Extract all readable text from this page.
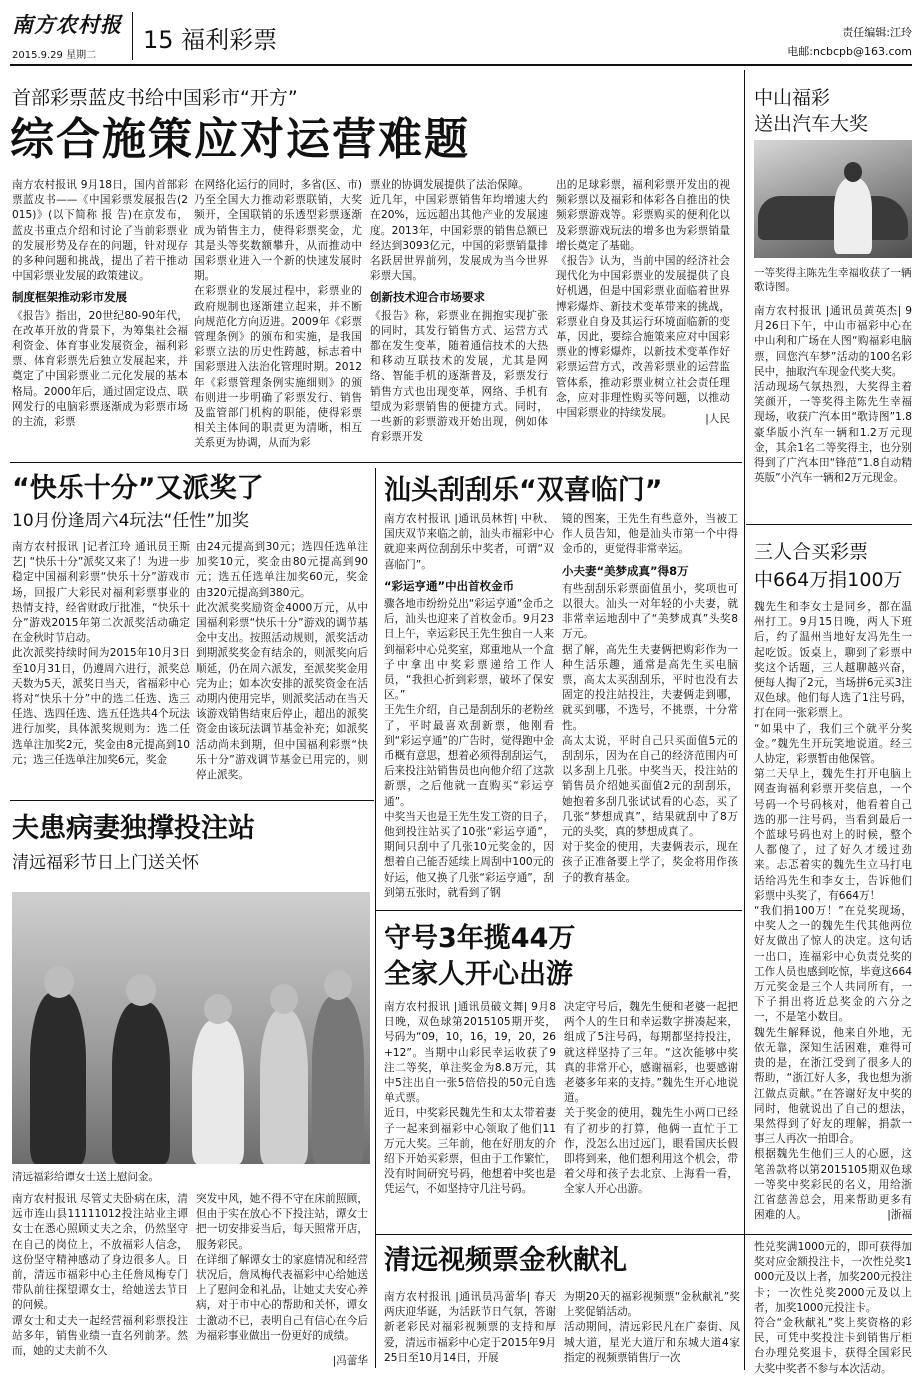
南方农村报
2015.9.29 星期二
15 福利彩票	责任编辑:江玲
电邮:ncbcpb@163.com
首部彩票蓝皮书给中国彩市“开方”
综合施策应对运营难题

南方农村报讯 9月18日，国内首部彩票蓝皮书——《中国彩票发展报告(2015)》(以下简称 报 告)在京发布，蓝皮书重点介绍和讨论了当前彩票业的发展形势及存在的问题，针对现存的多种问题和挑战，提出了若干推动中国彩票业发展的政策建议。

制度框架推动彩市发展

《报告》指出，20世纪80-90年代，在改革开放的背景下，为筹集社会福利资金、体育事业发展资金，福利彩票、体育彩票先后独立发展起来，并奠定了中国彩票业二元化发展的基本格局。2000年后，通过固定设点、联网发行的电脑彩票逐渐成为彩票市场的主流，彩票

在网络化运行的同时，多省(区、市)乃至全国大力推动彩票联销，大奖频开，全国联销的乐透型彩票逐渐成为销售主力，使得彩票奖金，尤其是头等奖数额攀升，从而推动中国彩票业进入一个新的快速发展时期。
在彩票业的发展过程中，彩票业的政府规制也逐渐建立起来，并不断向规范化方向迈进。2009年《彩票管理条例》的颁布和实施，是我国彩票立法的历史性跨越，标志着中国彩票进入法治化管理时期。2012年《彩票管理条例实施细则》的颁布则进一步明确了彩票发行、销售及监管部门机构的职能，使得彩票相关主体间的职责更为清晰，相互关系更为协调，从而为彩

票业的协调发展提供了法治保障。
近几年，中国彩票销售年均增速大约在20%，远远超出其他产业的发展速度。2013年，中国彩票的销售总额已经达到3093亿元，中国的彩票销量排名跃居世界前列，发展成为当今世界彩票大国。

创新技术迎合市场要求

《报告》称，彩票业在拥抱实现扩张的同时，其发行销售方式、运营方式都在发生变革，随着通信技术的大热和移动互联技术的发展，尤其是网络、智能手机的逐渐普及，彩票发行销售方式也出现变革，网络、手机有望成为彩票销售的便捷方式。同时，一些新的彩票游戏开始出现，例如体育彩票开发

出的足球彩票，福利彩票开发出的视频彩票以及福彩和体彩各自推出的快频彩票游戏等。彩票购买的便利化以及彩票游戏玩法的增多也为彩票销量增长奠定了基础。
《报告》认为，当前中国的经济社会现代化为中国彩票业的发展提供了良好机遇，但是中国彩票业面临着世界博彩爆炸、新技术变革带来的挑战，彩票业自身及其运行环境面临新的变革，因此，要综合施策来应对中国彩票业的博彩爆炸，以新技术变革作好彩票运营方式，改善彩票业的运营监管体系，推动彩票业树立社会责任理念，应对非理性购买等问题，以推动中国彩票业的持续发展。	|人民
中山福彩
送出汽车大奖
一等奖得主陈先生幸福收获了一辆 歌诗图。
南方农村报讯 |通讯员黄英杰| 9月26日下午，中山市福彩中心在中山利和广场在人图“购福彩电脑票，回您汽车梦”活动的100名彩民中，抽取汽车现金代奖大奖。
活动现场气氛热烈，大奖得主着笑颜开，一等奖得主陈先生幸福现场，收获广汽本田“歌诗图”1.8豪华版小汽车一辆和1.2万元现金，其余1名二等奖得主，也分别得到了广汽本田“锋范”1.8自动精英版”小汽车一辆和2万元现金。
“快乐十分”又派奖了
10月份逢周六4玩法“任性”加奖
南方农村报讯 |记者江玲 通讯员王斯艺| “快乐十分”派奖又来了！为进一步稳定中国福利彩票“快乐十分”游戏市场，回报广大彩民对福利彩票事业的热情支持，经省财政厅批准，“快乐十分”游戏2015年第二次派奖活动确定在金秋时节启动。
此次派奖持续时间为2015年10月3日至10月31日，仍遵周六进行，派奖总天数为5天，派奖日当天，省福彩中心将对“快乐十分”中的选二任选、选三任选、选四任选、选五任选共4个玩法进行加奖，具体派奖规则为：选二任选单注加奖2元，奖金由8元提高到10元；选三任选单注加奖6元，奖金
由24元提高到30元；选四任选单注加奖10元，奖金由80元提高到90元；选五任选单注加奖60元，奖金由320元提高到380元。
此次派奖奖励资金4000万元，从中国福利彩票“快乐十分”游戏的调节基金中支出。按照活动规则，派奖活动到期派奖奖金有结余的，则派奖向后顺延，仍在周六派发，至派奖奖金用完为止；如本次安排的派奖资金在活动期内使用完毕，则派奖活动在当天该游戏销售结束后停止，超出的派奖资金由该玩法调节基金补充；如派奖活动尚未到期，但中国福利彩票“快乐十分”游戏调节基金已用完的，则停止派奖。
汕头刮刮乐“双喜临门”

南方农村报讯 |通讯员林哲| 中秋、国庆双节来临之前，汕头市福彩中心就迎来两位刮刮乐中奖者，可谓“双喜临门”。

“彩运亨通”中出首枚金币

骤各地市纷纷兑出“彩运亨通”金币之后，汕头也迎来了首枚金币。9月23日上午，幸运彩民王先生独自一人来到福彩中心兑奖室，郑重地从一个盒子中拿出中奖彩票递给工作人员，“我担心折到彩票，破坏了保安区。”
王先生介绍，自己是刮刮乐的老粉丝了，平时最喜欢刮新票，他刚看到“彩运亨通”的广告时，觉得跑中金币概有意思，想着必须得刮刮运气，后来投注站销售员也向他介绍了这款新票，之后他就一直购买“彩运亨通”。
中奖当天也是王先生发工资的日子，他到投注站买了10张“彩运亨通”，期间只刮中了几张10元奖金的，因想着自己能否延续上周刮中100元的好运，他又换了几张“彩运亨通”，刮到第五张时，就看到了钢

镜的图案，王先生有些意外，当被工作人员告知，他是汕头市第一个中得金币的，更觉得非常幸运。

小夫妻“美梦成真”得8万

有些刮刮乐彩票面值虽小，奖项也可以很大。汕头一对年轻的小夫妻，就非常幸运地刮中了“美梦成真”头奖8万元。
据了解，高先生夫妻俩把购彩作为一种生活乐趣，通常是高先生买电脑票，高太太买刮刮乐，平时也没有去固定的投注站投注，夫妻俩走到哪，就买到哪，不选号，不挑票，十分常性。
高太太说，平时自己只买面值5元的刮刮乐，因为在自己的经济范围内可以多刮上几张。中奖当天，投注站的销售员介绍她买面值2元的刮刮乐，她抱着多刮几张试试看的心态，买了几张“梦想成真”，结果就刮中了8万元的头奖，真的梦想成真了。
对于奖金的使用，夫妻俩表示，现在孩子正准备要上学了，奖金将用作孩子的教育基金。

夫患病妻独撑投注站
清远福彩节日上门送关怀
清远福彩给谭女士送上慰问金。
南方农村报讯 尽管丈夫卧病在床，清远市连山县11111012投注站业主谭女士在悉心照顾丈夫之余，仍然坚守在自己的岗位上，不放福彩人信念，这份坚守精神感动了身边很多人。日前，清远市福彩中心主任詹凤梅专门带队前往探望谭女士，给她送去节日的问候。
谭女士和丈夫一起经营福利彩票投注站多年，销售业绩一直名列前茅。然而，她的丈夫前不久
突发中风，她不得不守在床前照顾，但由于实在放心不下投注站，谭女士把一切安排妥当后，每天照常开店，服务彩民。
在详细了解谭女士的家庭情况和经营状况后，詹凤梅代表福彩中心给她送上了慰问金和礼品，让她丈夫安心养病，对于市中心的帮助和关怀，谭女士激动不已，表明自己有信心在今后为福彩事业做出一份更好的成绩。
|冯蕾华
守号3年揽44万
全家人开心出游
南方农村报讯 |通讯员破文舞| 9月8日晚，双色球第2015105期开奖，号码为“09，10，16，19，20，26+12”。当期中山彩民幸运收获了9注二等奖，单注奖金为8.8万元，其中5注出自一张5倍倍投的50元自选单式票。
近日，中奖彩民魏先生和太太带着妻子一起来到福彩中心领取了他们11万元大奖。三年前，他在好朋友的介绍下开始买彩票，但由于工作繁忙，没有时间研究号码，他想着中奖也是凭运气，不如坚持守几注号码。
决定守号后，魏先生便和老婆一起把两个人的生日和幸运数字拼凑起来，组成了5注号码，每期都坚持投注，就这样坚持了三年。“这次能够中奖真的非常开心，感谢福彩，也要感谢老婆多年来的支持。”魏先生开心地说道。
关于奖金的使用，魏先生小两口已经有了初步的打算，他俩一直忙于工作，没怎么出过远门，眼看国庆长假即将到来，他们想利用这个机会，带着父母和孩子去北京、上海看一看，全家人开心出游。
三人合买彩票
中664万捐100万
魏先生和李女士是同乡，都在温州打工。9月15日晚，两人下班后，约了温州当地好友冯先生一起吃饭。饭桌上，聊到了彩票中奖这个话题，三人越聊越兴奋，便每人掏了2元，当场拼6元买3注双色球。他们每人选了1注号码，打在同一张彩票上。
“如果中了，我们三个就平分奖金。”魏先生开玩笑地说道。经三人协定，彩票暂由他保管。
第二天早上，魏先生打开电脑上网查询福利彩票开奖信息，一个号码一个号码核对，他看着自己选的那一注号码，当看到最后一个蓝球号码也对上的时候，整个人都傻了，过了好久才缓过劲来。忐忑着实的魏先生立马打电话给冯先生和李女士，告诉他们彩票中头奖了，有664万！
“我们捐100万！”在兑奖现场，中奖人之一的魏先生代其他两位好友做出了惊人的决定。这句话一出口，连福彩中心负责兑奖的工作人员也感到吃惊，毕竟这664万元奖金是三个人共同所有，一下子捐出将近总奖金的六分之一，不是笔小数目。
魏先生解释说，他来自外地，无依无靠，深知生活困难，难得可贵的是，在浙江受到了很多人的帮助，“浙江好人多，我也想为浙江做点贡献。”在答谢好友中奖的同时，他就说出了自己的想法，果然得到了好友的理解，捐款一事三人再次一拍即合。
根据魏先生他们三人的心愿，这笔善款将以第2015105期双色球一等奖中奖彩民的名义，用给浙江省慈善总会，用来帮助更多有困难的人。	|浙福
清远视频票金秋献礼
南方农村报讯 |通讯员冯蕾华| 春天两庆迎华诞，为活跃节日气氛，答谢新老彩民对福彩视频票的支持和厚爱，清远市福彩中心定于2015年9月25日至10月14日，开展
为期20天的福彩视频票“金秋献礼”奖上奖促销活动。
活动期间，清远彩民凡在广泰街、凤城大道，星光大道厅和东城大道4家指定的视频票销售厅一次
性兑奖满1000元的，即可获得加奖对应金额投注卡，一次性兑奖1000元及以上者，加奖200元投注卡；一次性兑奖2000元及以上者，加奖1000元投注卡。
符合“金秋献礼”奖上奖资格的彩民，可凭中奖投注卡到销售厅柜台办理兑奖退卡，获得全国彩民大奖中奖者不参与本次活动。
